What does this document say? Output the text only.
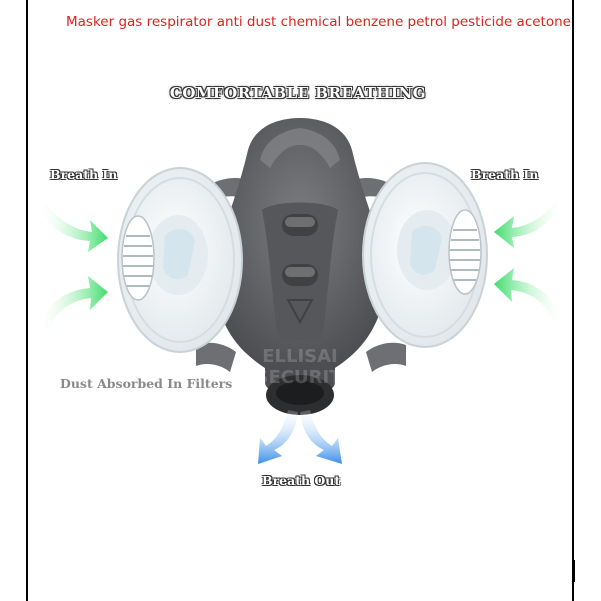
Masker gas respirator anti dust chemical benzene petrol pesticide acetone
ELLISAI
SECURITY
COMFORTABLE BREATHING
Breath In	Breath In
Dust Absorbed In Filters
Breath Out
